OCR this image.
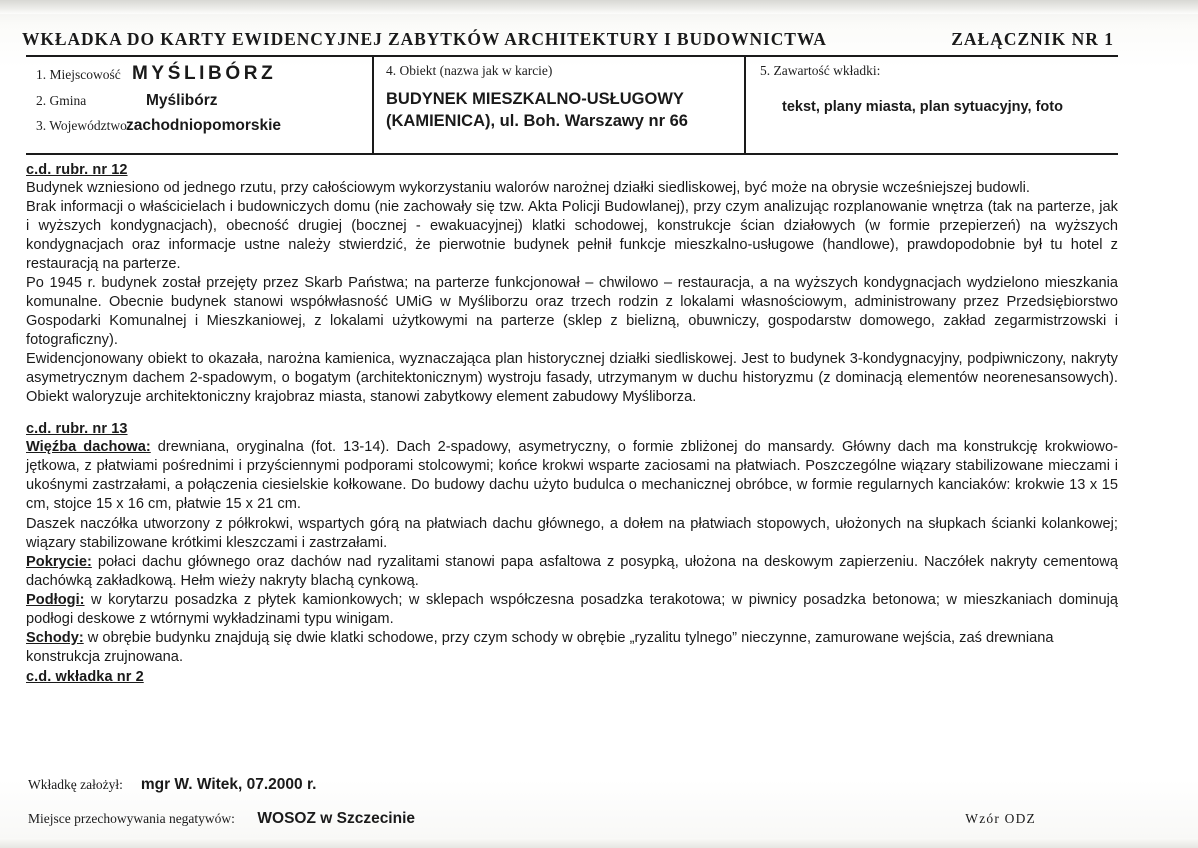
WKŁADKA DO KARTY EWIDENCYJNEJ ZABYTKÓW ARCHITEKTURY I BUDOWNICTWA	ZAŁĄCZNIK NR 1
1. Miejscowość MYŚLIBÓRZ
2. Gmina	Myślibórz
3. Województwo zachodniopomorskie
4. Obiekt (nazwa jak w karcie)
BUDYNEK MIESZKALNO-USŁUGOWY
(KAMIENICA), ul. Boh. Warszawy nr 66
5. Zawartość wkładki:
tekst, plany miasta, plan sytuacyjny, foto
c.d. rubr. nr 12

Budynek wzniesiono od jednego rzutu, przy całościowym wykorzystaniu walorów narożnej działki siedliskowej, być może na obrysie wcześniejszej budowli.

Brak informacji o właścicielach i budowniczych domu (nie zachowały się tzw. Akta Policji Budowlanej), przy czym analizując rozplanowanie wnętrza (tak na parterze, jak i wyższych kondygnacjach), obecność drugiej (bocznej - ewakuacyjnej) klatki schodowej, konstrukcje ścian działowych (w formie przepierzeń) na wyższych kondygnacjach oraz informacje ustne należy stwierdzić, że pierwotnie budynek pełnił funkcje mieszkalno-usługowe (handlowe), prawdopodobnie był tu hotel z restauracją na parterze.

Po 1945 r. budynek został przejęty przez Skarb Państwa; na parterze funkcjonował – chwilowo – restauracja, a na wyższych kondygnacjach wydzielono mieszkania komunalne. Obecnie budynek stanowi współwłasność UMiG w Myśliborzu oraz trzech rodzin z lokalami własnościowym, administrowany przez Przedsiębiorstwo Gospodarki Komunalnej i Mieszkaniowej, z lokalami użytkowymi na parterze (sklep z bielizną, obuwniczy, gospodarstw domowego, zakład zegarmistrzowski i fotograficzny).

Ewidencjonowany obiekt to okazała, narożna kamienica, wyznaczająca plan historycznej działki siedliskowej. Jest to budynek 3-kondygnacyjny, podpiwniczony, nakryty asymetrycznym dachem 2-spadowym, o bogatym (architektonicznym) wystroju fasady, utrzymanym w duchu historyzmu (z dominacją elementów neorenesansowych). Obiekt waloryzuje architektoniczny krajobraz miasta, stanowi zabytkowy element zabudowy Myśliborza.

c.d. rubr. nr 13

Więźba dachowa: drewniana, oryginalna (fot. 13-14). Dach 2-spadowy, asymetryczny, o formie zbliżonej do mansardy. Główny dach ma konstrukcję krokwiowo-jętkowa, z płatwiami pośrednimi i przyściennymi podporami stolcowymi; końce krokwi wsparte zaciosami na płatwiach. Poszczególne wiązary stabilizowane mieczami i ukośnymi zastrzałami, a połączenia ciesielskie kołkowane. Do budowy dachu użyto budulca o mechanicznej obróbce, w formie regularnych kanciaków: krokwie 13 x 15 cm, stojce 15 x 16 cm, płatwie 15 x 21 cm.

Daszek naczółka utworzony z półkrokwi, wspartych górą na płatwiach dachu głównego, a dołem na płatwiach stopowych, ułożonych na słupkach ścianki kolankowej; wiązary stabilizowane krótkimi kleszczami i zastrzałami.

Pokrycie: połaci dachu głównego oraz dachów nad ryzalitami stanowi papa asfaltowa z posypką, ułożona na deskowym zapierzeniu. Naczółek nakryty cementową dachówką zakładkową. Hełm wieży nakryty blachą cynkową.

Podłogi: w korytarzu posadzka z płytek kamionkowych; w sklepach współczesna posadzka terakotowa; w piwnicy posadzka betonowa; w mieszkaniach dominują podłogi deskowe z wtórnymi wykładzinami typu winigam.

Schody: w obrębie budynku znajdują się dwie klatki schodowe, przy czym schody w obrębie „ryzalitu tylnego” nieczynne, zamurowane wejścia, zaś drewniana konstrukcja zrujnowana.

c.d. wkładka nr 2
Wkładkę założył: mgr W. Witek, 07.2000 r.
Miejsce przechowywania negatywów: WOSOZ w Szczecinie	Wzór ODZ
